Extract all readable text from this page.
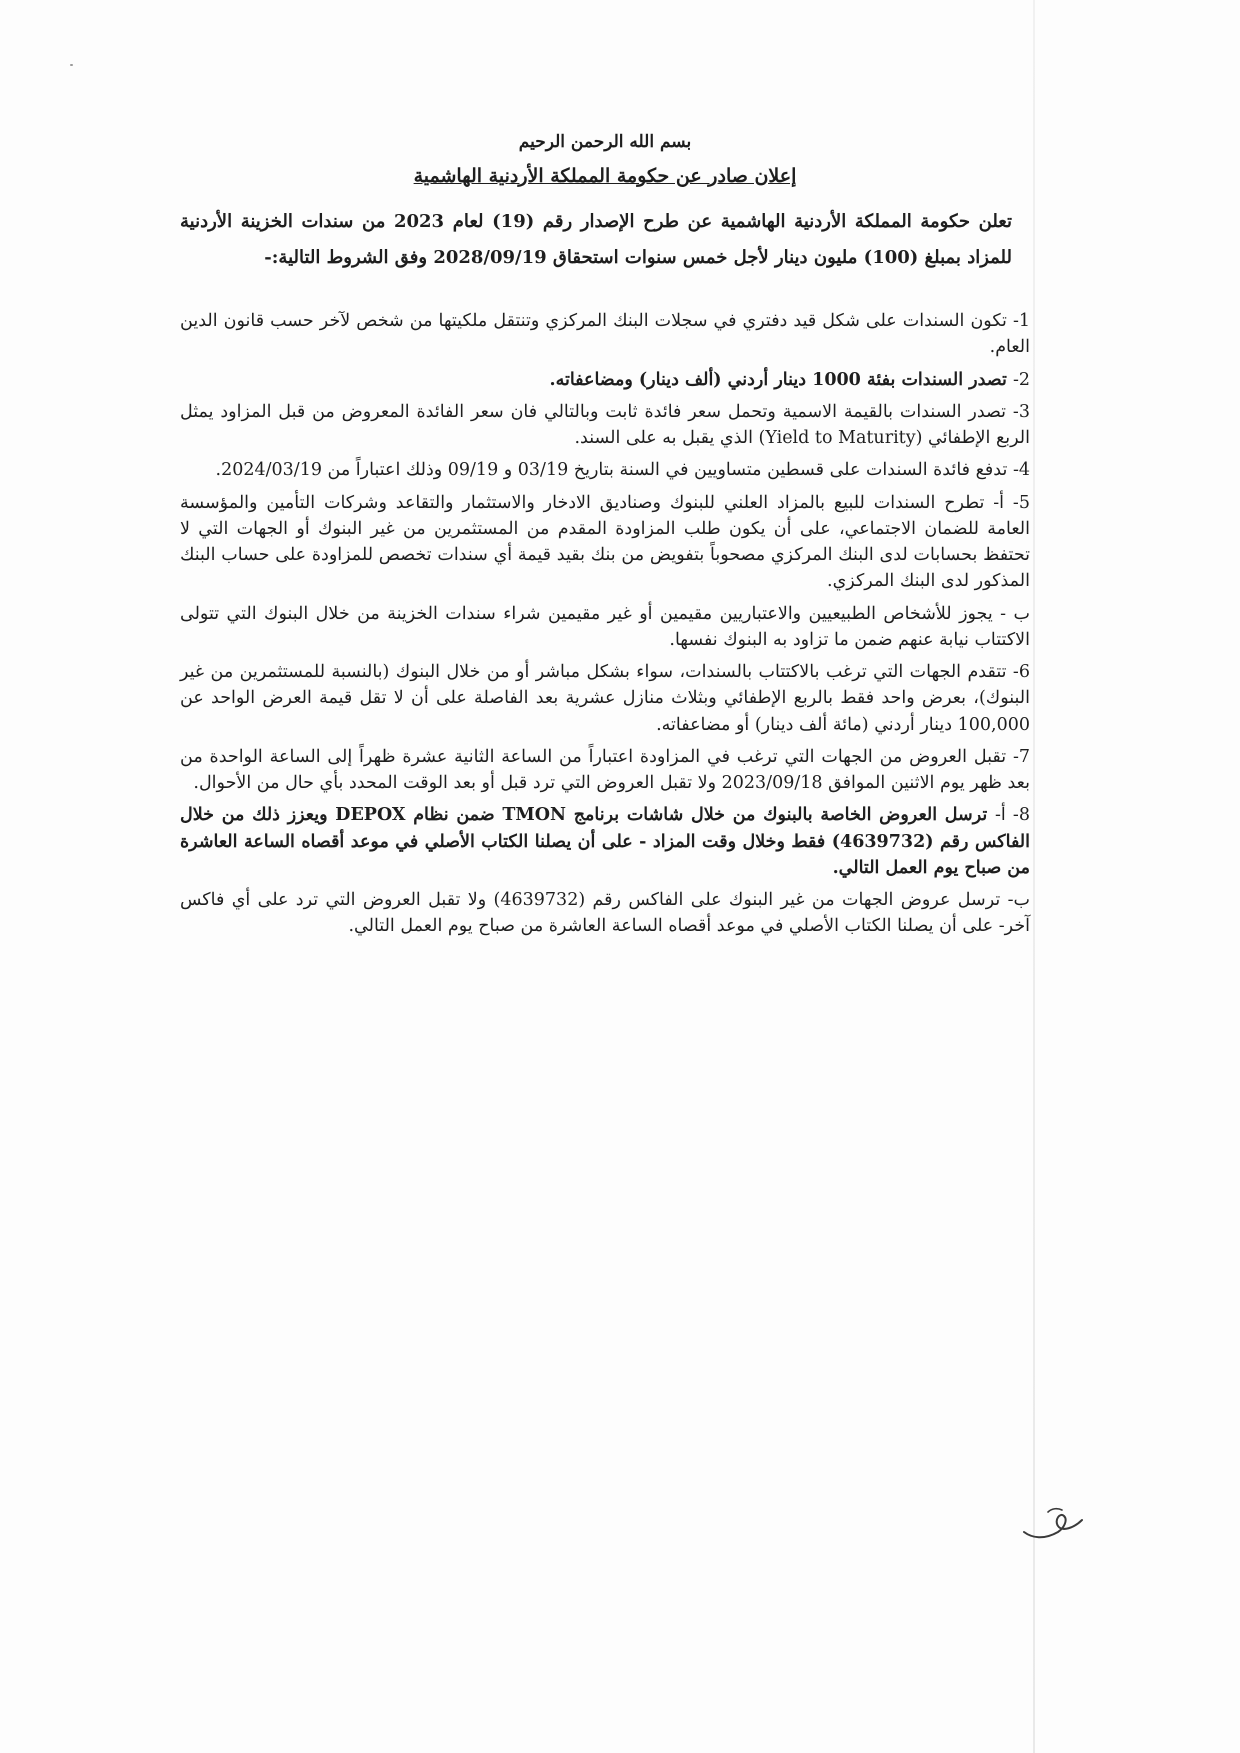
بسم الله الرحمن الرحيم

إعلان صادر عن حكومة المملكة الأردنية الهاشمية

تعلن حكومة المملكة الأردنية الهاشمية عن طرح الإصدار رقم (19) لعام 2023 من سندات الخزينة الأردنية للمزاد بمبلغ (100) مليون دينار لأجل خمس سنوات استحقاق 2028/09/19 وفق الشروط التالية:-

1- تكون السندات على شكل قيد دفتري في سجلات البنك المركزي وتنتقل ملكيتها من شخص لآخر حسب قانون الدين العام.

2- تصدر السندات بفئة 1000 دينار أردني (ألف دينار) ومضاعفاته.

3- تصدر السندات بالقيمة الاسمية وتحمل سعر فائدة ثابت وبالتالي فان سعر الفائدة المعروض من قبل المزاود يمثل الربع الإطفائي (Yield to Maturity) الذي يقبل به على السند.

4- تدفع فائدة السندات على قسطين متساويين في السنة بتاريخ 03/19 و 09/19 وذلك اعتباراً من 2024/03/19.

5- أ- تطرح السندات للبيع بالمزاد العلني للبنوك وصناديق الادخار والاستثمار والتقاعد وشركات التأمين والمؤسسة العامة للضمان الاجتماعي، على أن يكون طلب المزاودة المقدم من المستثمرين من غير البنوك أو الجهات التي لا تحتفظ بحسابات لدى البنك المركزي مصحوباً بتفويض من بنك بقيد قيمة أي سندات تخصص للمزاودة على حساب البنك المذكور لدى البنك المركزي.

ب - يجوز للأشخاص الطبيعيين والاعتباريين مقيمين أو غير مقيمين شراء سندات الخزينة من خلال البنوك التي تتولى الاكتتاب نيابة عنهم ضمن ما تزاود به البنوك نفسها.

6- تتقدم الجهات التي ترغب بالاكتتاب بالسندات، سواء بشكل مباشر أو من خلال البنوك (بالنسبة للمستثمرين من غير البنوك)، بعرض واحد فقط بالربع الإطفائي وبثلاث منازل عشرية بعد الفاصلة على أن لا تقل قيمة العرض الواحد عن 100,000 دينار أردني (مائة ألف دينار) أو مضاعفاته.

7- تقبل العروض من الجهات التي ترغب في المزاودة اعتباراً من الساعة الثانية عشرة ظهراً إلى الساعة الواحدة من بعد ظهر يوم الاثنين الموافق 2023/09/18 ولا تقبل العروض التي ترد قبل أو بعد الوقت المحدد بأي حال من الأحوال.

8- أ- ترسل العروض الخاصة بالبنوك من خلال شاشات برنامج TMON ضمن نظام DEPOX ويعزز ذلك من خلال الفاكس رقم (4639732) فقط وخلال وقت المزاد - على أن يصلنا الكتاب الأصلي في موعد أقصاه الساعة العاشرة من صباح يوم العمل التالي.

ب- ترسل عروض الجهات من غير البنوك على الفاكس رقم (4639732) ولا تقبل العروض التي ترد على أي فاكس آخر- على أن يصلنا الكتاب الأصلي في موعد أقصاه الساعة العاشرة من صباح يوم العمل التالي.
